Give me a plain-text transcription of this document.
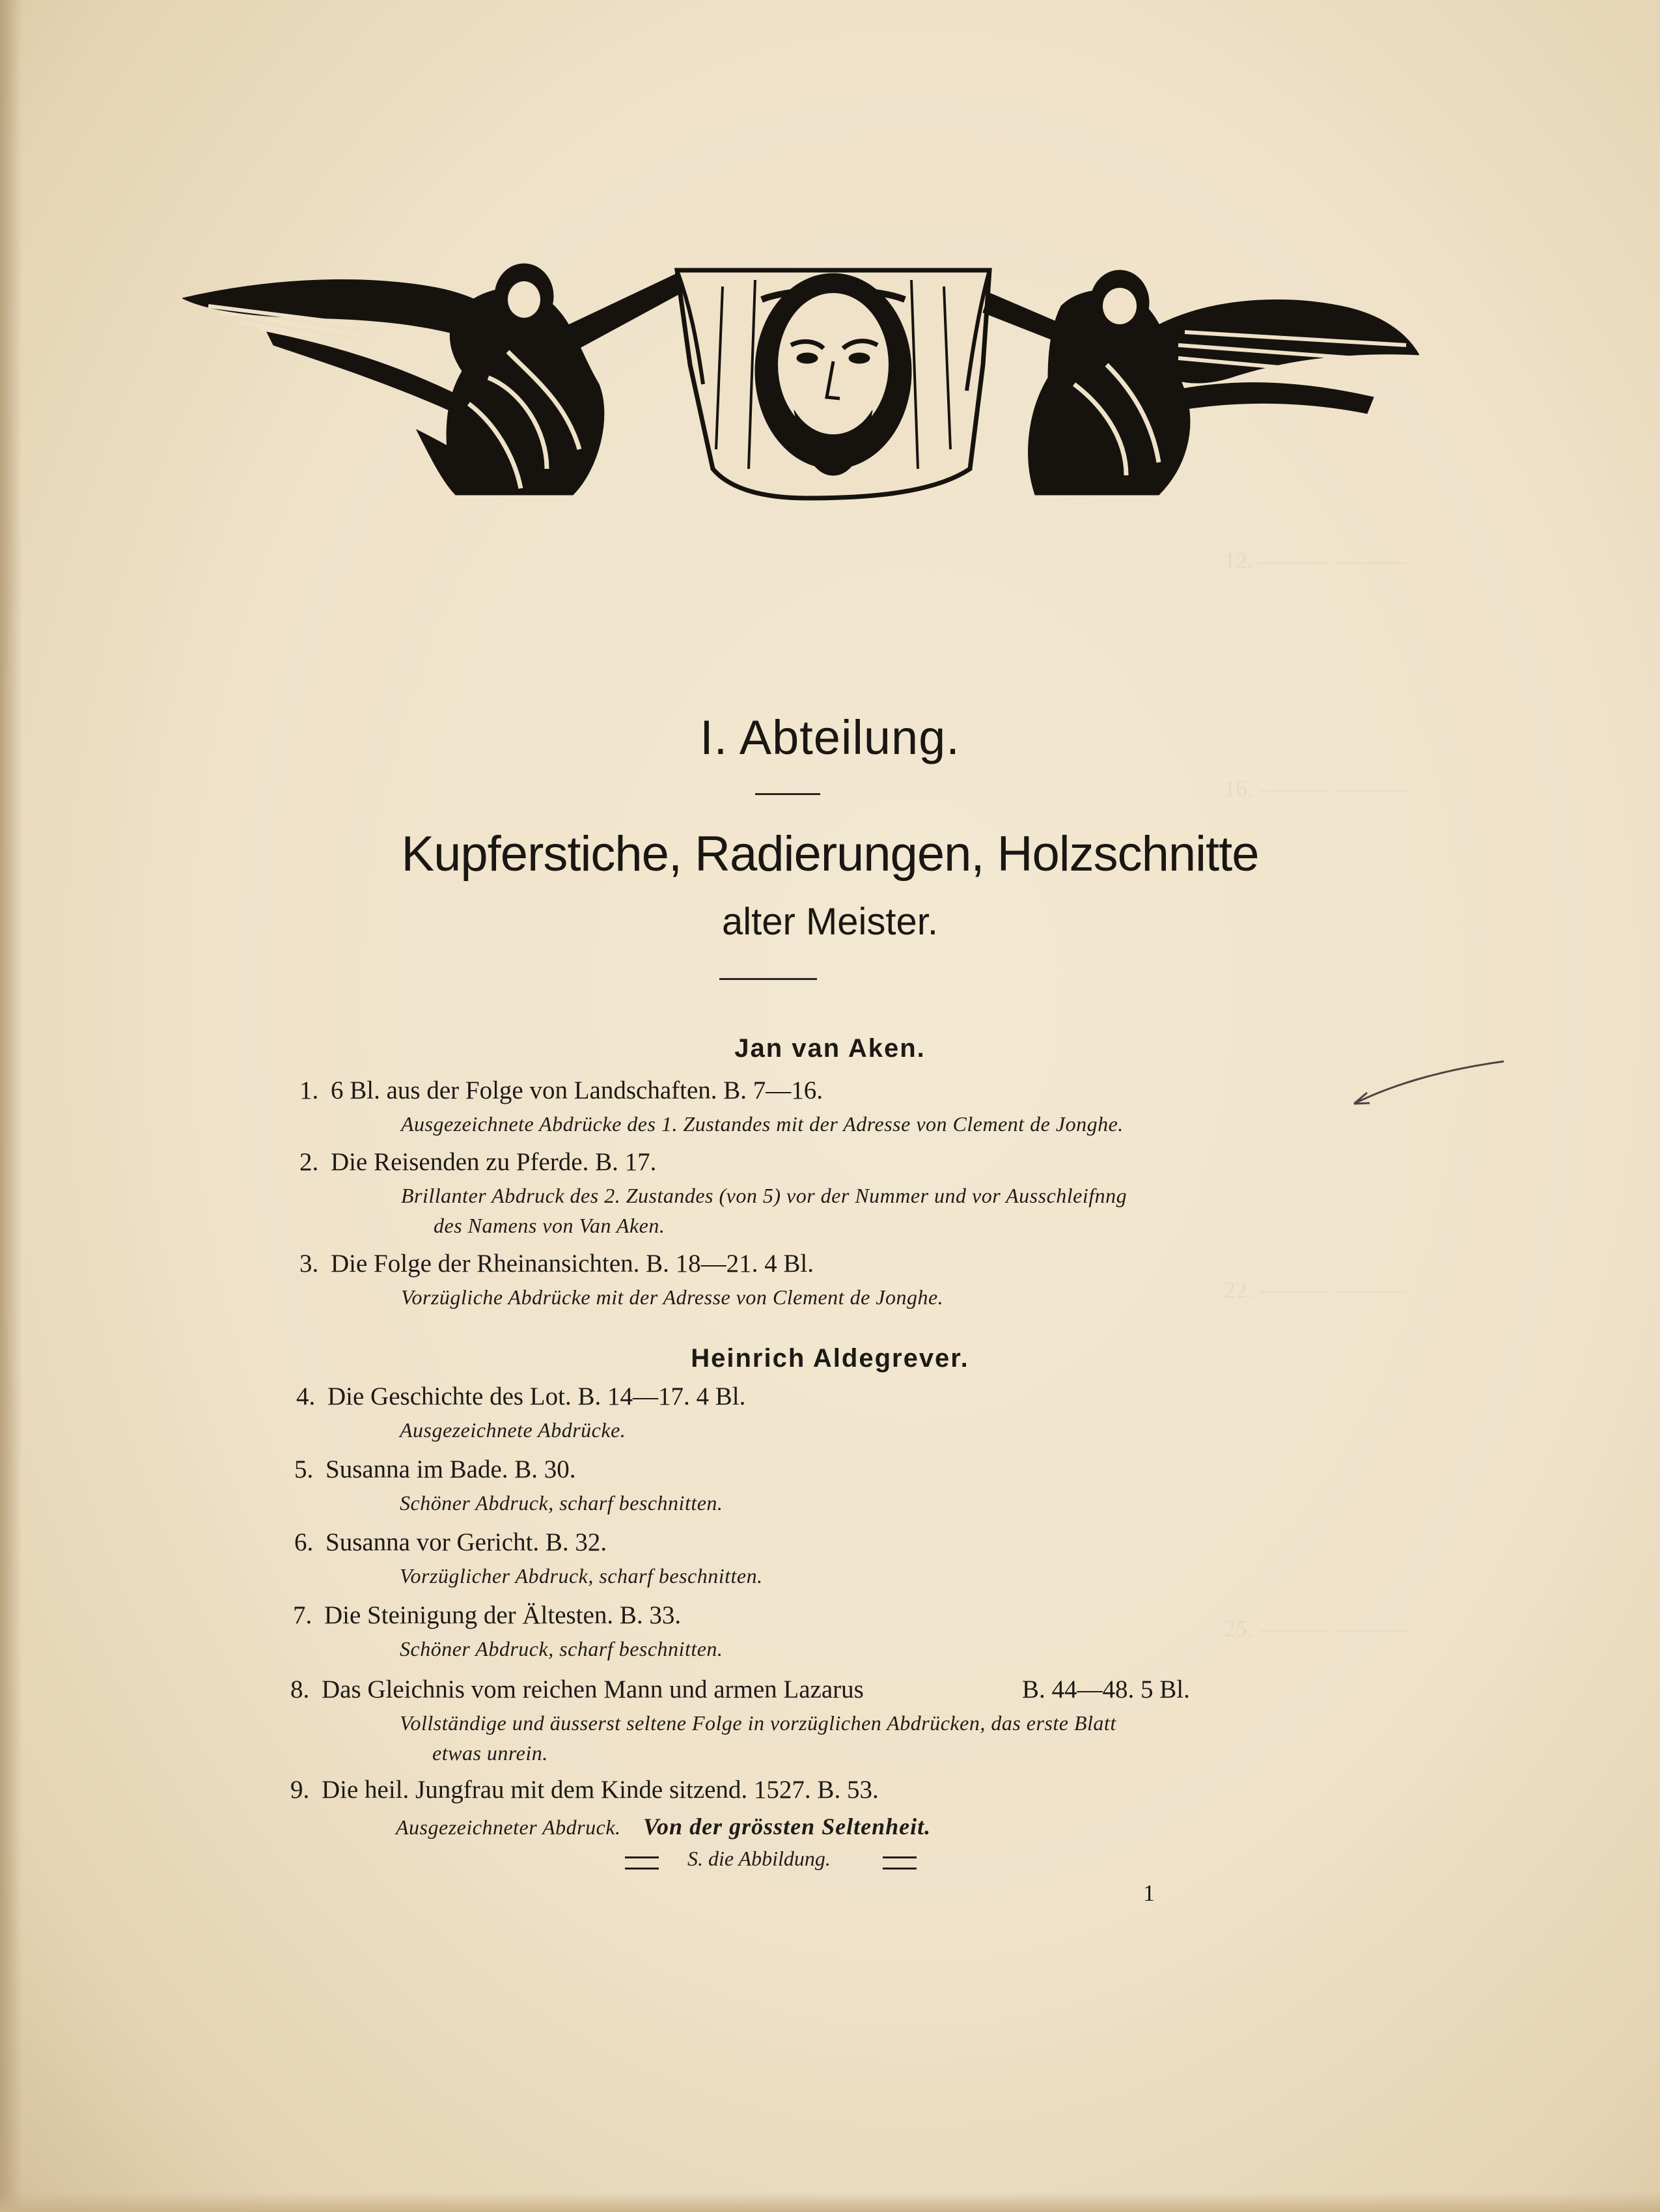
I. Abteilung.
Kupferstiche, Radierungen, Holzschnitte
alter Meister.
Jan van Aken.
1. 6 Bl. aus der Folge von Landschaften. B. 7—16.
Ausgezeichnete Abdrücke des 1. Zustandes mit der Adresse von Clement de Jonghe.
2. Die Reisenden zu Pferde. B. 17.
Brillanter Abdruck des 2. Zustandes (von 5) vor der Nummer und vor Ausschleifnng
des Namens von Van Aken.
3. Die Folge der Rheinansichten. B. 18—21. 4 Bl.
Vorzügliche Abdrücke mit der Adresse von Clement de Jonghe.
Heinrich Aldegrever.
4. Die Geschichte des Lot. B. 14—17. 4 Bl.
Ausgezeichnete Abdrücke.
5. Susanna im Bade. B. 30.
Schöner Abdruck, scharf beschnitten.
6. Susanna vor Gericht. B. 32.
Vorzüglicher Abdruck, scharf beschnitten.
7. Die Steinigung der Ältesten. B. 33.
Schöner Abdruck, scharf beschnitten.
8. Das Gleichnis vom reichen Mann und armen Lazarus	B. 44—48. 5 Bl.
Vollständige und äusserst seltene Folge in vorzüglichen Abdrücken, das erste Blatt
etwas unrein.
9. Die heil. Jungfrau mit dem Kinde sitzend. 1527. B. 53.
Ausgezeichneter Abdruck. Von der grössten Seltenheit.
S. die Abbildung.
1
